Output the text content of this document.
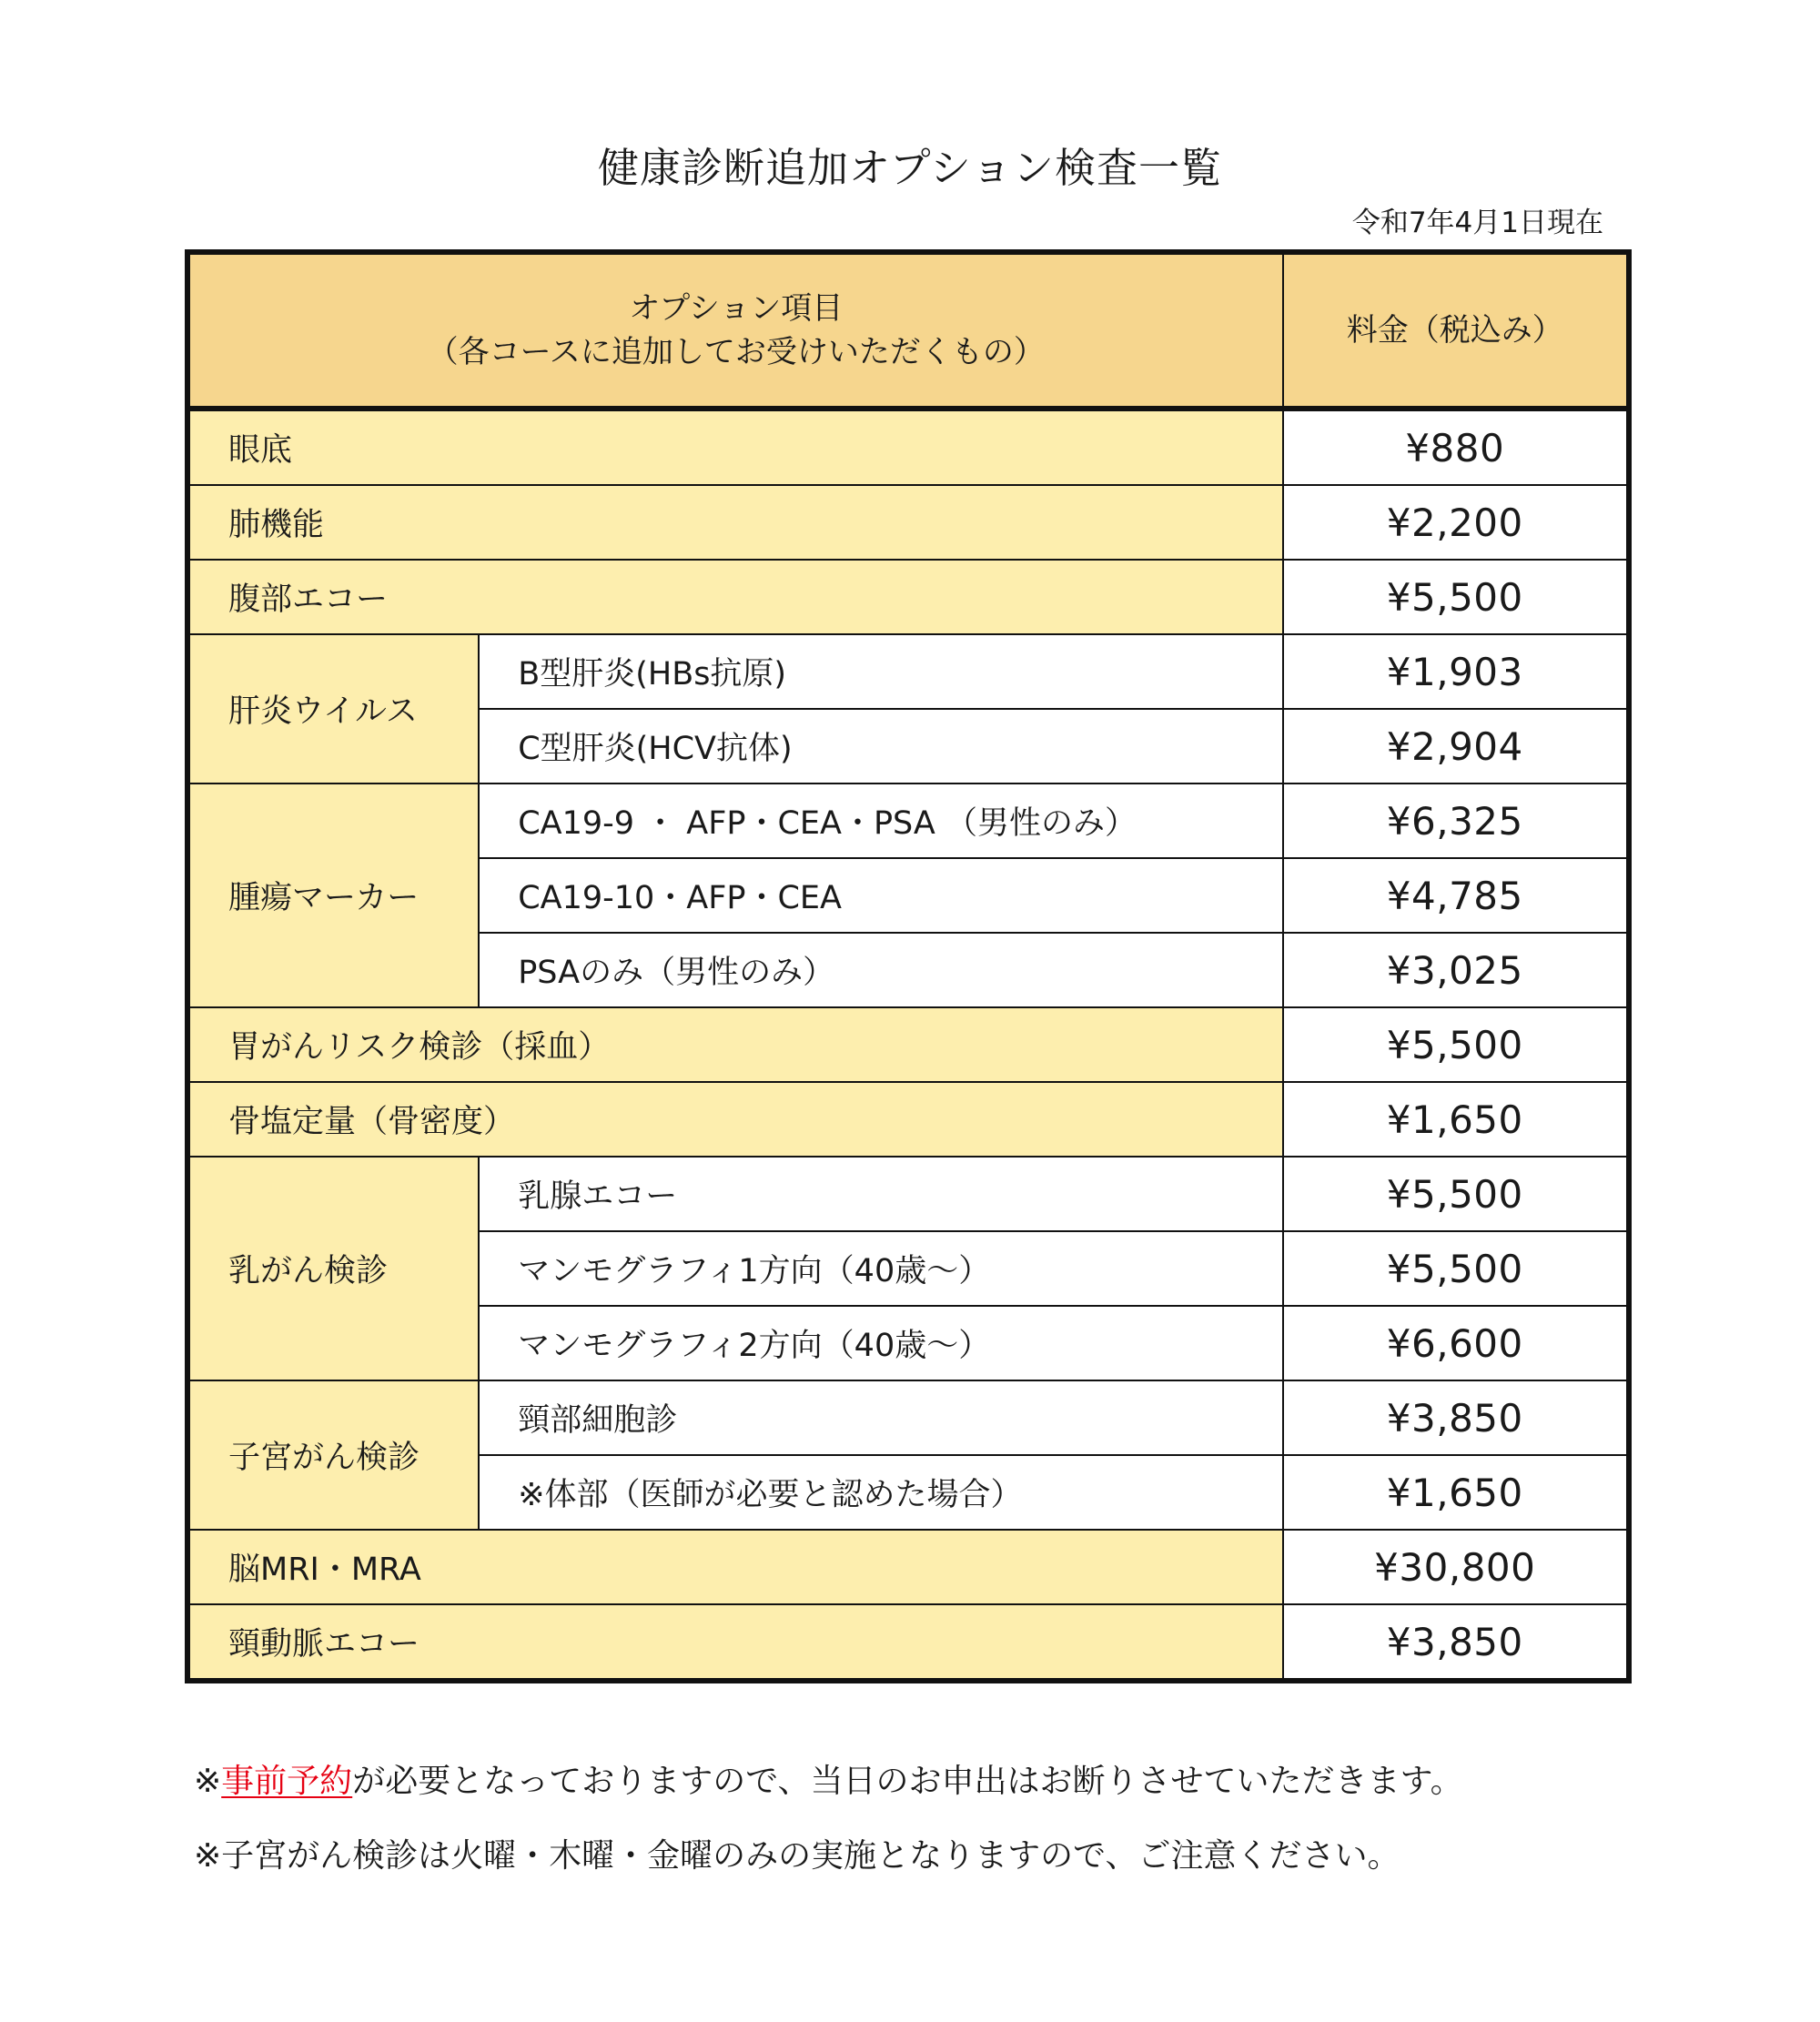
健康診断追加オプション検査一覧
令和7年4月1日現在
オプション項目
（各コースに追加してお受けいただくもの）		料金（税込み）
眼底		¥880
肺機能		¥2,200
腹部エコー		¥5,500
肝炎ウイルス	B型肝炎(HBs抗原)	¥1,903
	C型肝炎(HCV抗体)	¥2,904
腫瘍マーカー	CA19-9 ・ AFP・CEA・PSA （男性のみ）	¥6,325
	CA19-10・AFP・CEA	¥4,785
	PSAのみ（男性のみ）	¥3,025
胃がんリスク検診（採血）		¥5,500
骨塩定量（骨密度）		¥1,650
乳がん検診	乳腺エコー	¥5,500
	マンモグラフィ1方向（40歳～）	¥5,500
	マンモグラフィ2方向（40歳～）	¥6,600
子宮がん検診	頸部細胞診	¥3,850
	※体部（医師が必要と認めた場合）	¥1,650
脳MRI・MRA		¥30,800
頸動脈エコー		¥3,850
※事前予約が必要となっておりますので、当日のお申出はお断りさせていただきます。
※子宮がん検診は火曜・木曜・金曜のみの実施となりますので、ご注意ください。
